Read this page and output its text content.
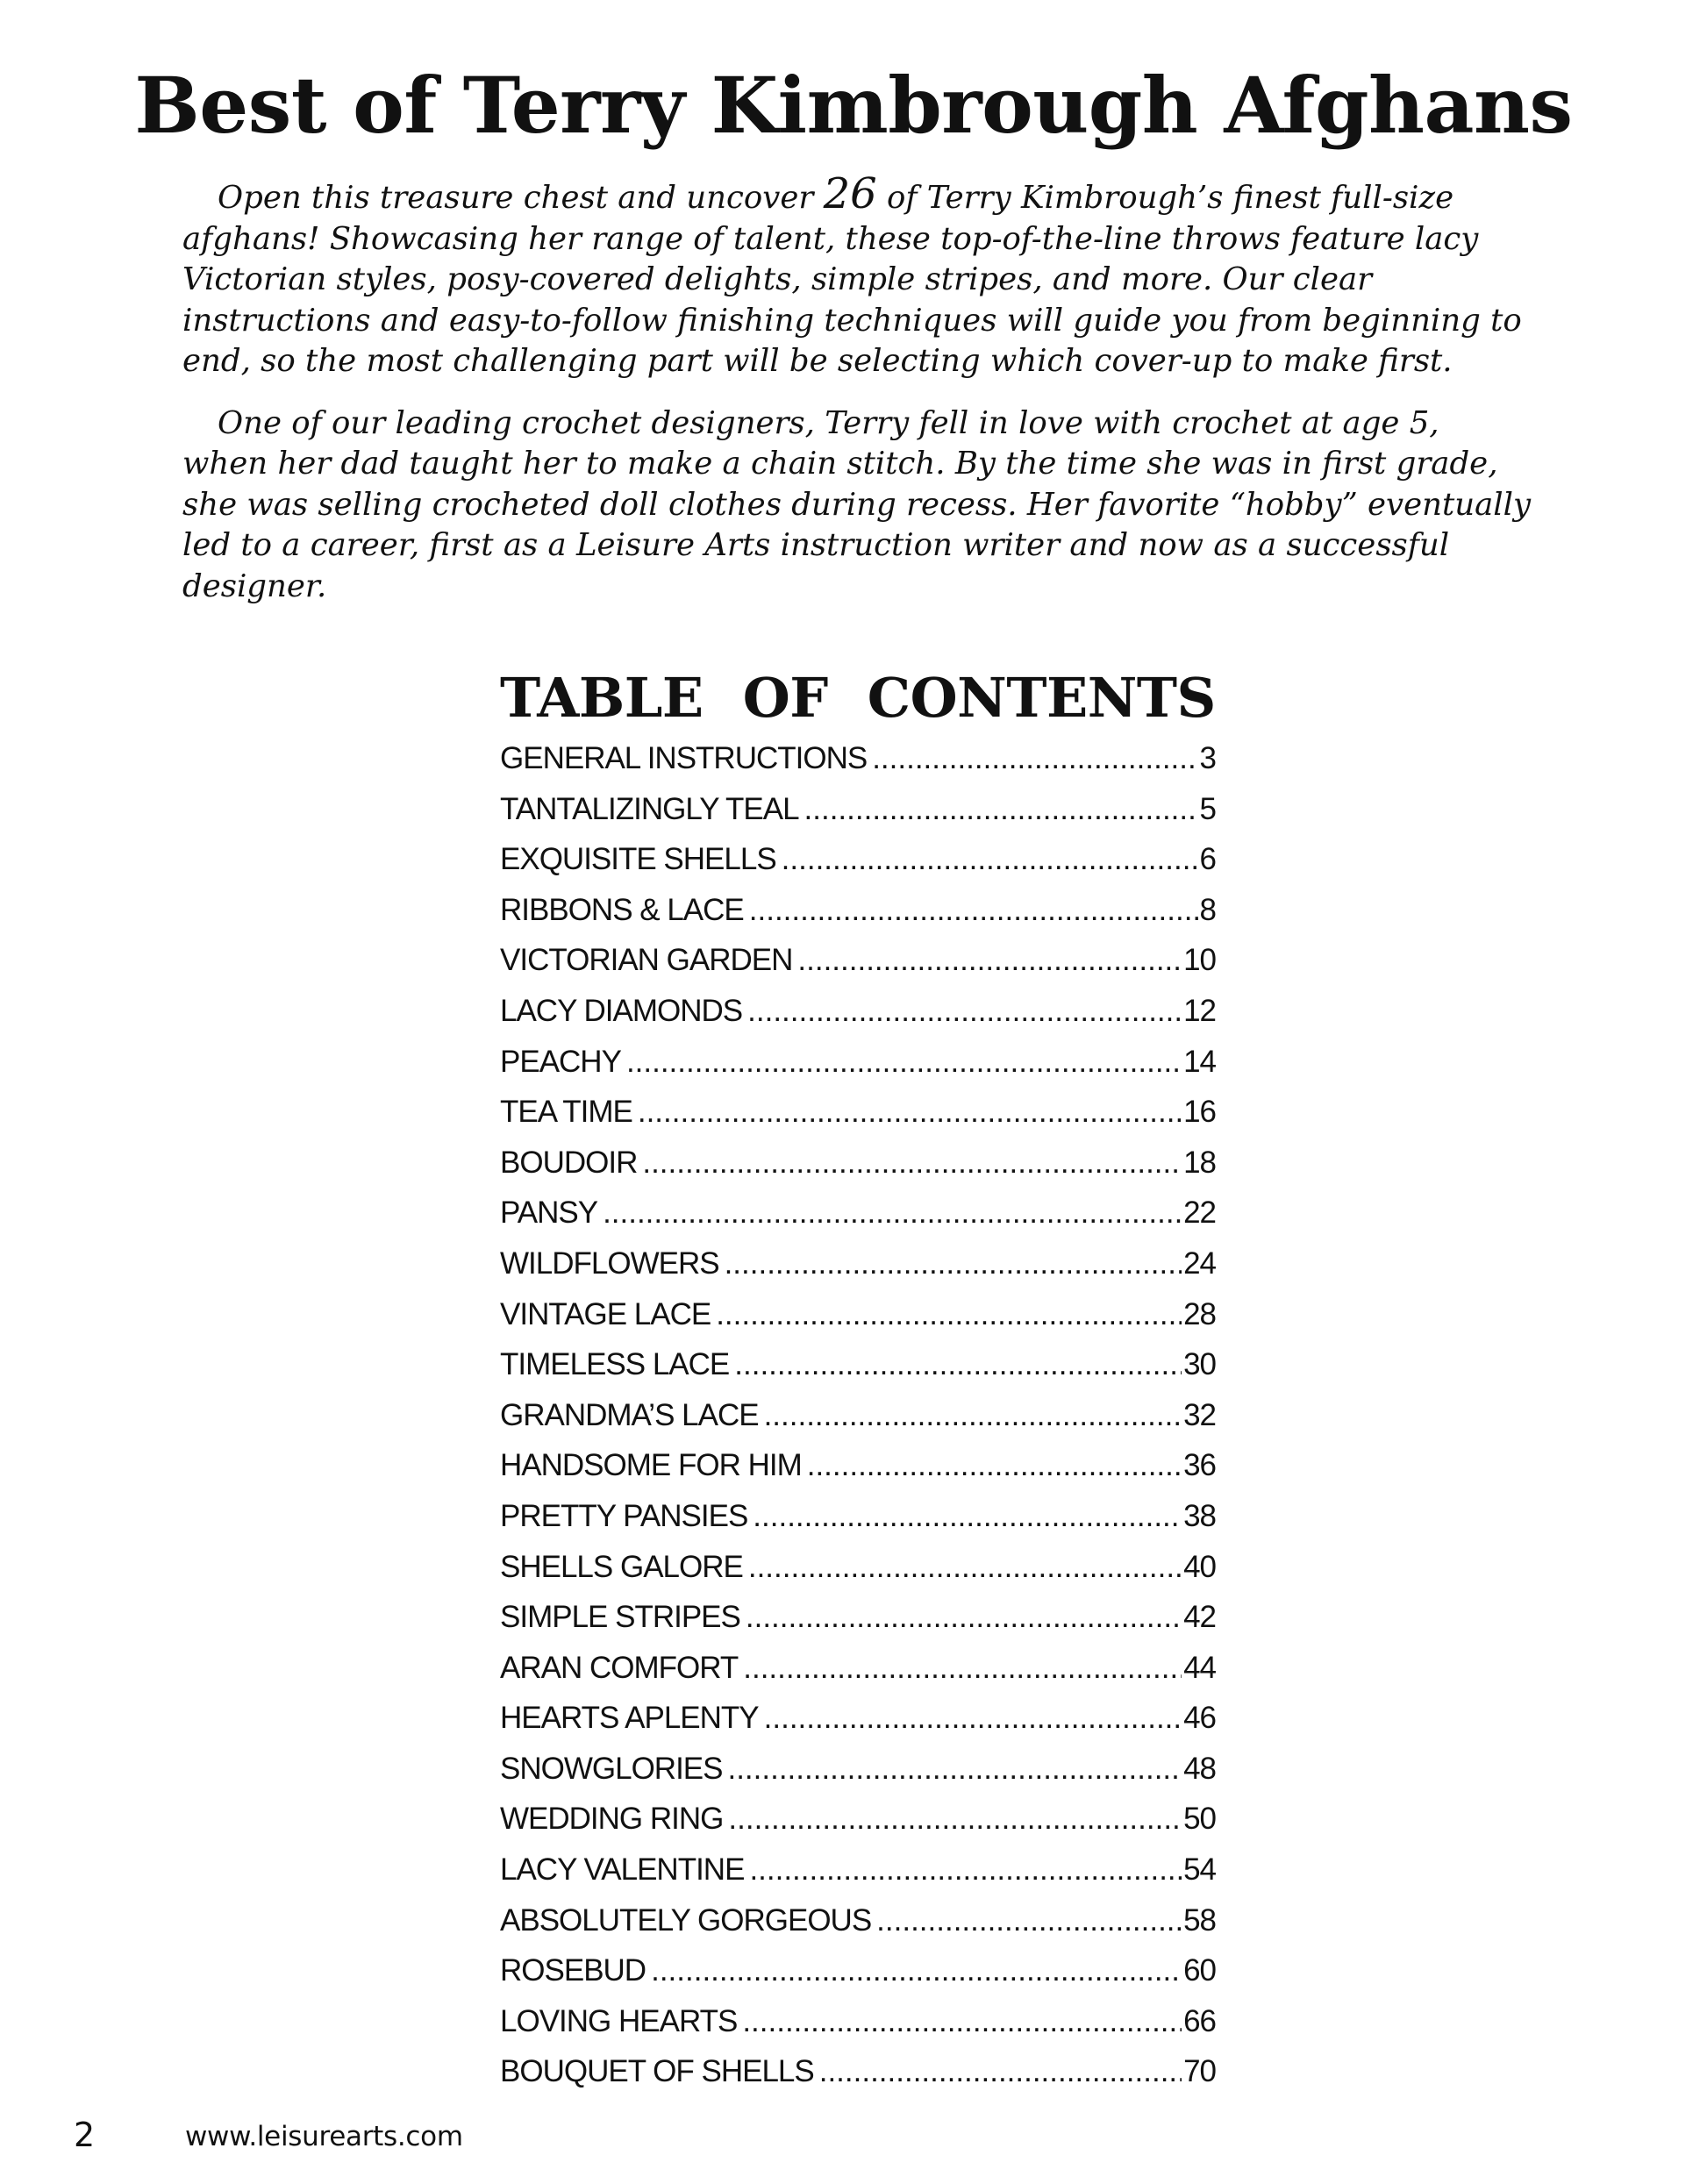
Best of Terry Kimbrough Afghans

Open this treasure chest and uncover 26 of Terry Kimbrough’s finest full-size afghans! Showcasing her range of talent, these top-of-the-line throws feature lacy Victorian styles, posy-covered delights, simple stripes, and more. Our clear instructions and easy-to-follow finishing techniques will guide you from beginning to end, so the most challenging part will be selecting which cover-up to make first.

One of our leading crochet designers, Terry fell in love with crochet at age 5, when her dad taught her to make a chain stitch. By the time she was in first grade, she was selling crocheted doll clothes during recess. Her favorite “hobby” eventually led to a career, first as a Leisure Arts instruction writer and now as a successful designer.

TABLE OF CONTENTS
GENERAL INSTRUCTIONS .....	3
TANTALIZINGLY TEAL .....	5
EXQUISITE SHELLS .....	6
RIBBONS & LACE .....	8
VICTORIAN GARDEN .....	10
LACY DIAMONDS .....	12
PEACHY .....	14
TEA TIME .....	16
BOUDOIR .....	18
PANSY .....	22
WILDFLOWERS .....	24
VINTAGE LACE .....	28
TIMELESS LACE .....	30
GRANDMA’S LACE .....	32
HANDSOME FOR HIM .....	36
PRETTY PANSIES .....	38
SHELLS GALORE .....	40
SIMPLE STRIPES .....	42
ARAN COMFORT .....	44
HEARTS APLENTY .....	46
SNOWGLORIES .....	48
WEDDING RING .....	50
LACY VALENTINE .....	54
ABSOLUTELY GORGEOUS .....	58
ROSEBUD .....	60
LOVING HEARTS .....	66
BOUQUET OF SHELLS .....	70
2	www.leisurearts.com
